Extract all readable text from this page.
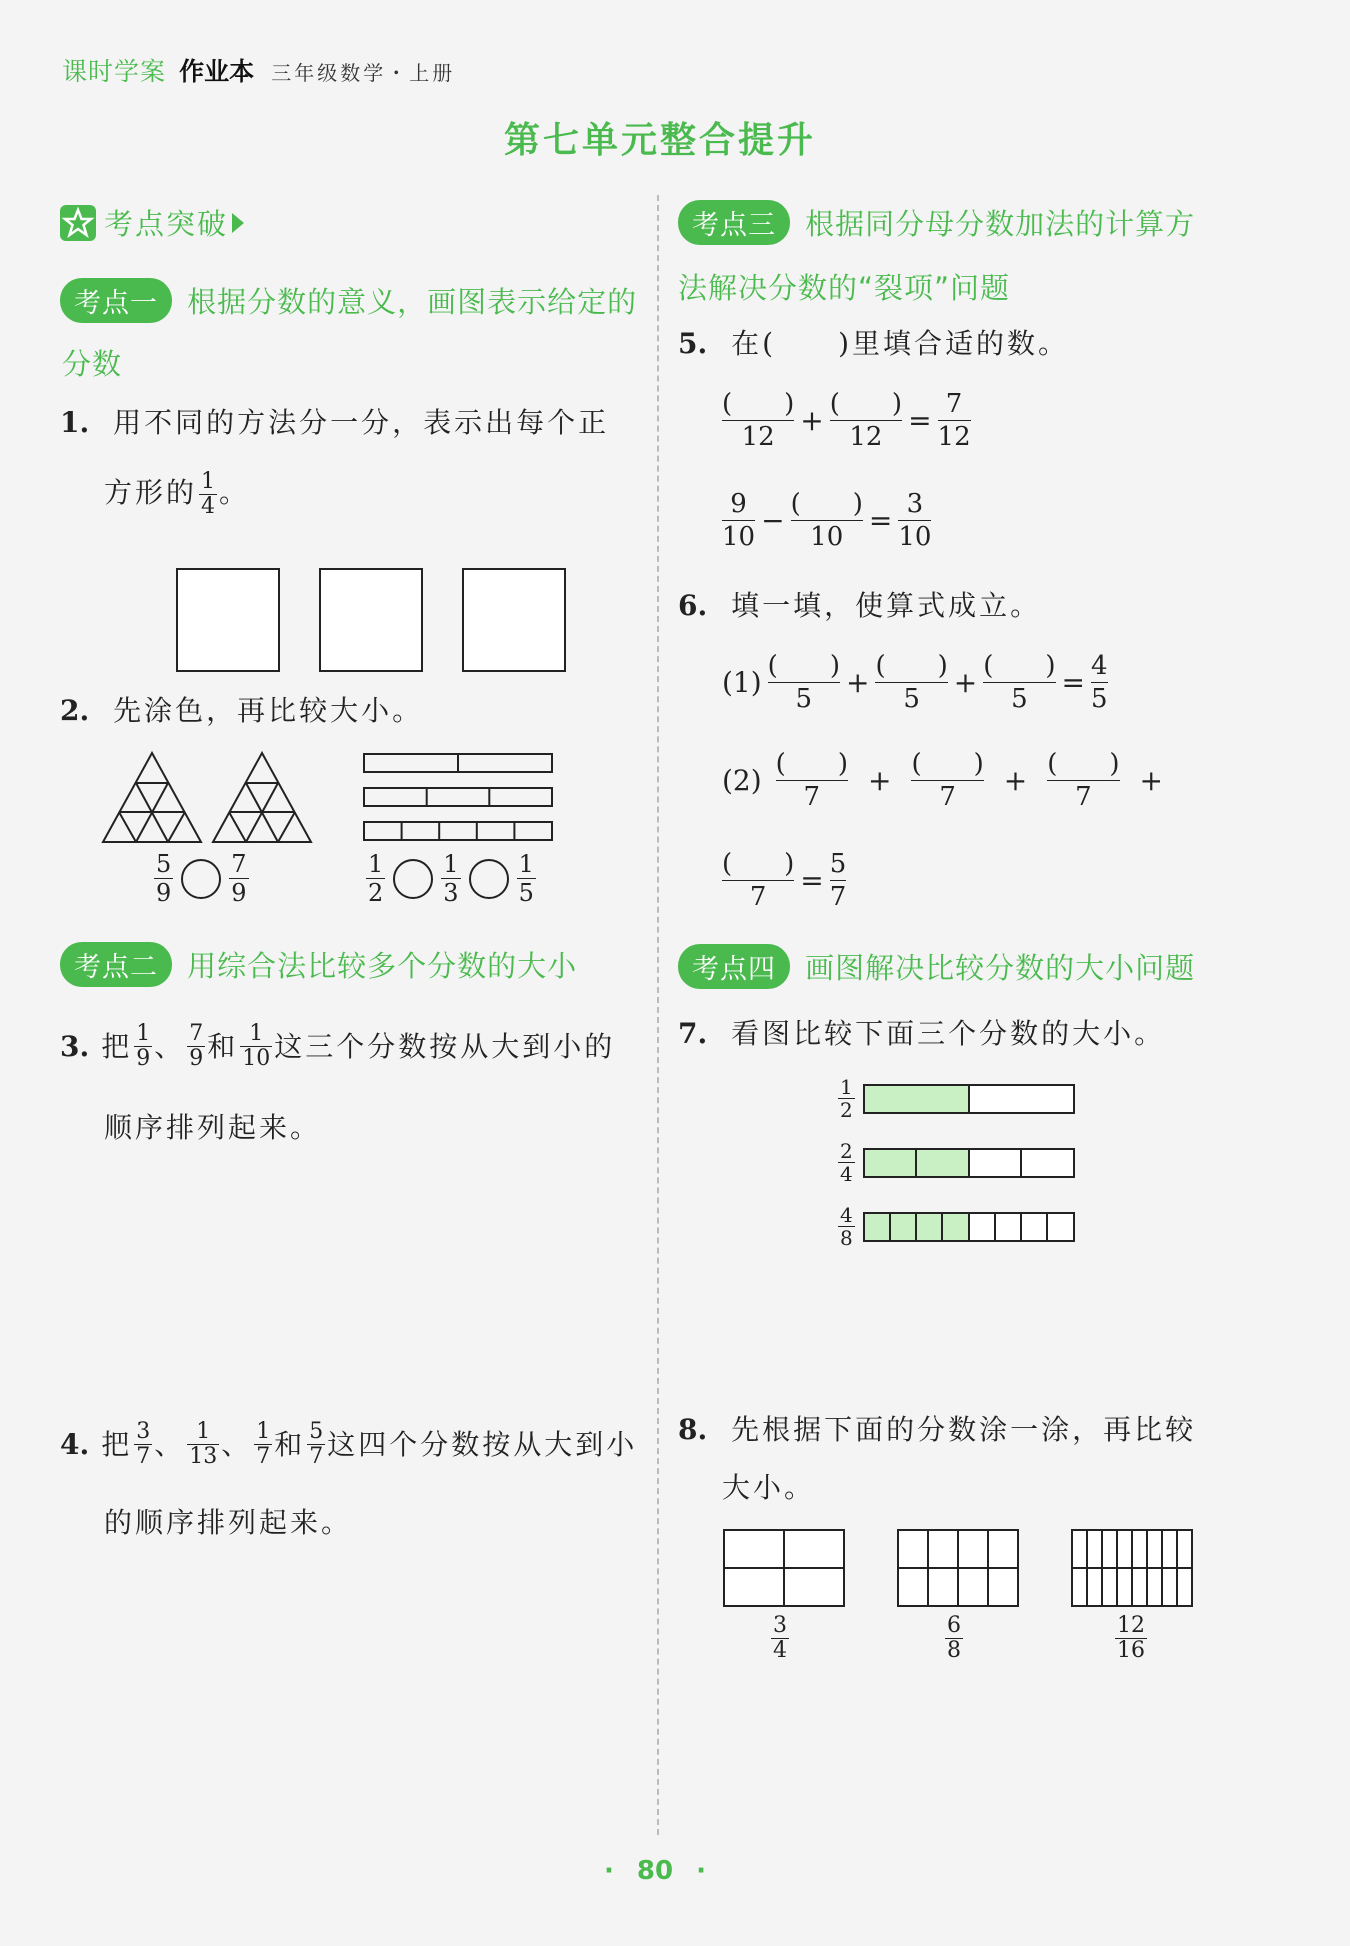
课时学案 作业本 三年级数学・上册
第七单元整合提升
考点突破
考点一 根据分数的意义，画图表示给定的
分数
1. 用不同的方法分一分，表示出每个正
方形的 $\frac{1}{4}$ 。
2. 先涂色，再比较大小。
$\frac{5}{9} \frac{7}{9}$	$\frac{1}{2} \frac{1}{3} \frac{1}{5}$
考点二 用综合法比较多个分数的大小
3. 把 $\frac{1}{9}$ 、 $\frac{7}{9}$ 和 $\frac{1}{10}$ 这三个分数按从大到小的
顺序排列起来。
4. 把 $\frac{3}{7}$ 、 $\frac{1}{13}$ 、 $\frac{1}{7}$ 和 $\frac{5}{7}$ 这四个分数按从大到小
的顺序排列起来。
考点三 根据同分母分数加法的计算方
法解决分数的“裂项”问题
5. 在(　　)里填合适的数。
(　　)
12 + (　　)
$12 = \frac{7}{12}$
$\frac{9}{10}$ − (　　)
$10 = \frac{3}{10}$
6. 填一填，使算式成立。
(1) (　　)
5	+ (　　)
5	+ (　　)
5	= $\frac{4}{5}$
(2) (　　)
7	+ (　　)
7	+ (　　)
7	+
(　　)
7	= $\frac{5}{7}$
考点四 画图解决比较分数的大小问题
7. 看图比较下面三个分数的大小。
$\frac{1}{2}$
$\frac{2}{4}$
$\frac{4}{8}$
8. 先根据下面的分数涂一涂，再比较
大小。
$\frac{3}{4}$	$\frac{6}{8}$	$\frac{12}{16}$
· 80 ·
